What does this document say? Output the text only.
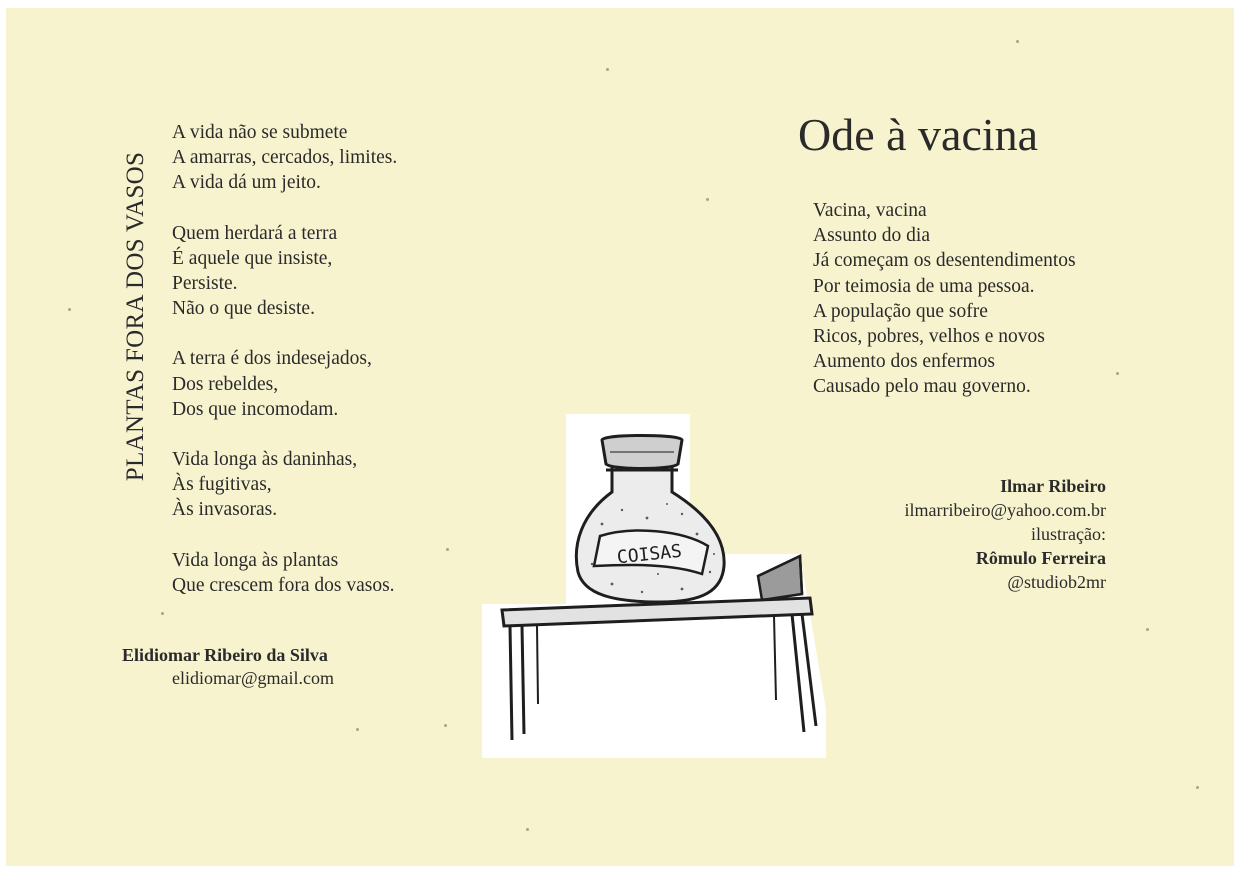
PLANTAS FORA DOS VASOS
A vida não se submete
A amarras, cercados, limites.
A vida dá um jeito.
Quem herdará a terra
É aquele que insiste,
Persiste.
Não o que desiste.
A terra é dos indesejados,
Dos rebeldes,
Dos que incomodam.
Vida longa às daninhas,
Às fugitivas,
Às invasoras.
Vida longa às plantas
Que crescem fora dos vasos.
Elidiomar Ribeiro da Silva
elidiomar@gmail.com
Ode à vacina
Vacina, vacina
Assunto do dia
Já começam os desentendimentos
Por teimosia de uma pessoa.
A população que sofre
Ricos, pobres, velhos e novos
Aumento dos enfermos
Causado pelo mau governo.
Ilmar Ribeiro
ilmarribeiro@yahoo.com.br
ilustração:
Rômulo Ferreira
@studiob2mr
COISAS
